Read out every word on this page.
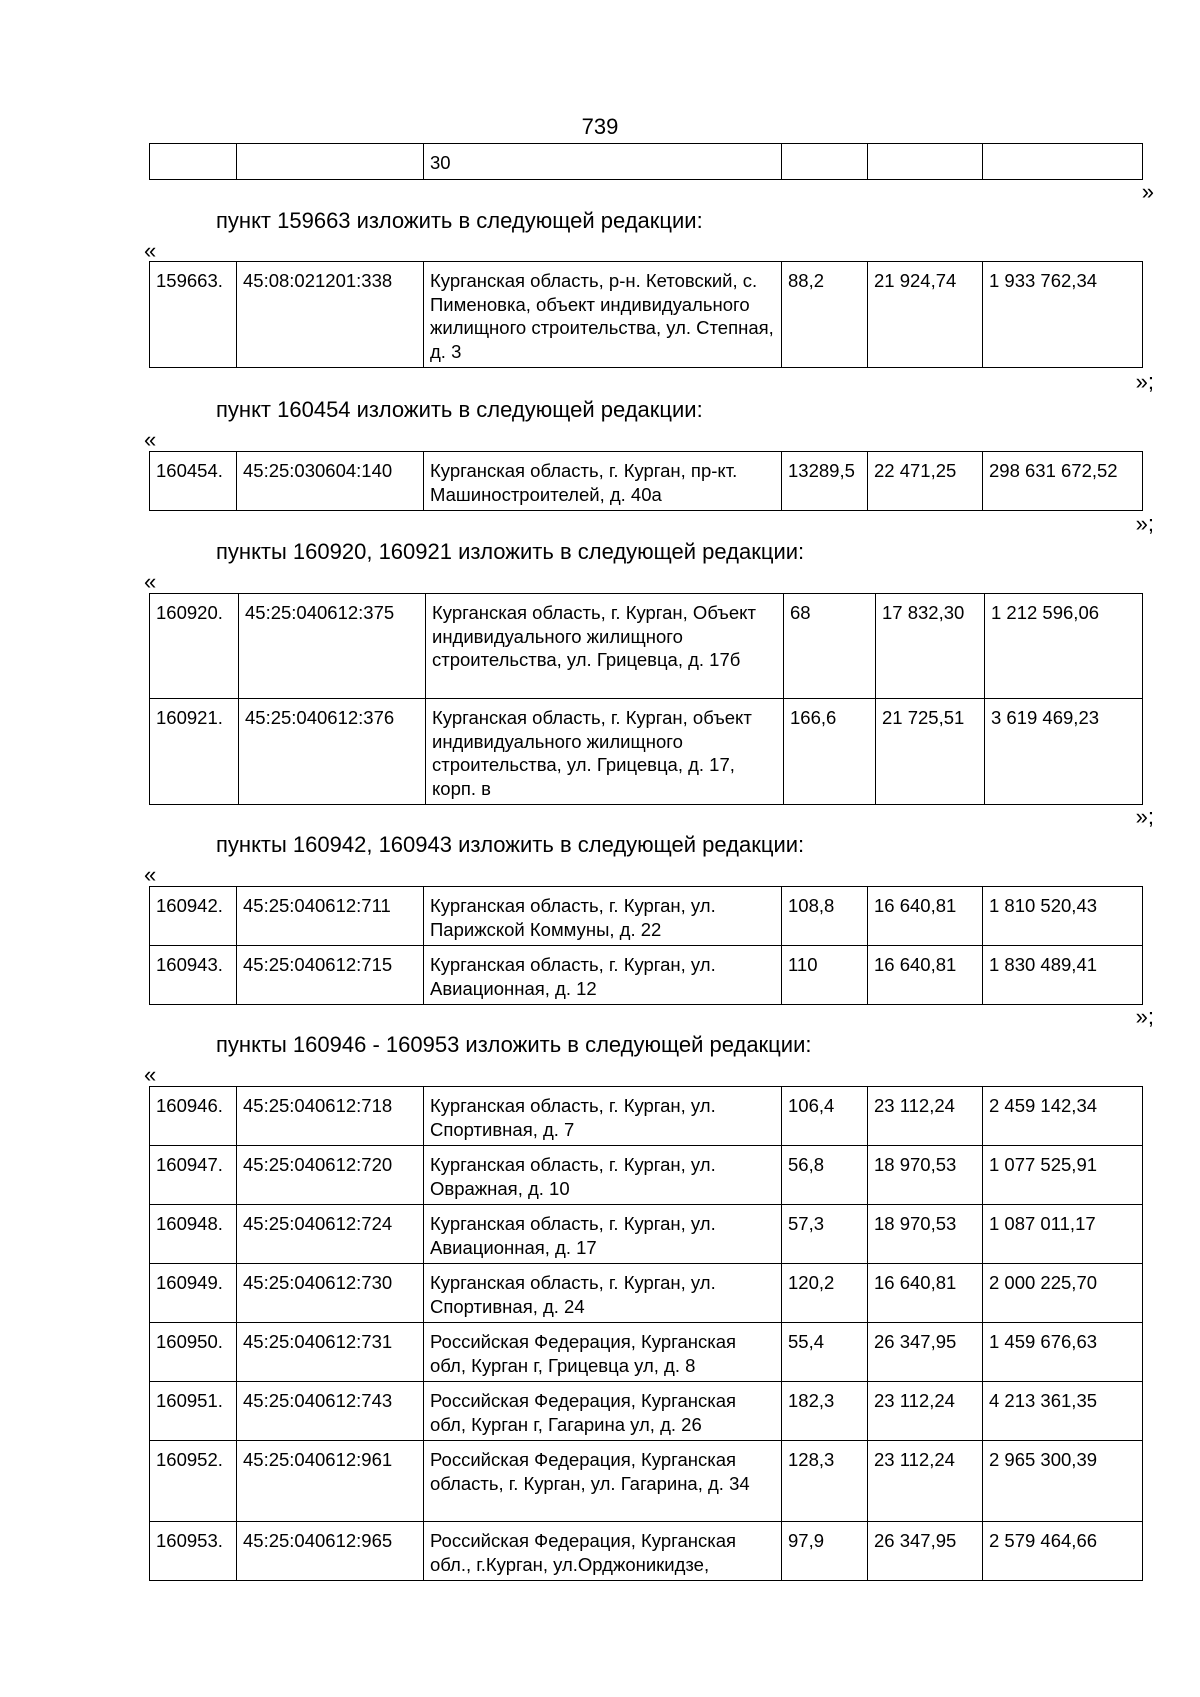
739
		30			
»
пункт 159663 изложить в следующей редакции:
«
159663.	45:08:021201:338	Курганская область, р-н. Кетовский, с. Пименовка, объект индивидуального жилищного строительства, ул. Степная, д. 3	88,2	21 924,74	1 933 762,34
»;
пункт 160454 изложить в следующей редакции:
«
160454.	45:25:030604:140	Курганская область, г. Курган, пр-кт. Машиностроителей, д. 40а	13289,5	22 471,25	298 631 672,52
»;
пункты 160920, 160921 изложить в следующей редакции:
«
160920.	45:25:040612:375	Курганская область, г. Курган, Объект индивидуального жилищного строительства, ул. Грицевца, д. 17б	68	17 832,30	1 212 596,06
160921.	45:25:040612:376	Курганская область, г. Курган, объект индивидуального жилищного строительства, ул. Грицевца, д. 17, корп. в	166,6	21 725,51	3 619 469,23
»;
пункты 160942, 160943 изложить в следующей редакции:
«
160942.	45:25:040612:711	Курганская область, г. Курган, ул. Парижской Коммуны, д. 22	108,8	16 640,81	1 810 520,43
160943.	45:25:040612:715	Курганская область, г. Курган, ул. Авиационная, д. 12	110	16 640,81	1 830 489,41
»;
пункты 160946 - 160953 изложить в следующей редакции:
«
160946.	45:25:040612:718	Курганская область, г. Курган, ул. Спортивная, д. 7	106,4	23 112,24	2 459 142,34
160947.	45:25:040612:720	Курганская область, г. Курган, ул. Овражная, д. 10	56,8	18 970,53	1 077 525,91
160948.	45:25:040612:724	Курганская область, г. Курган, ул. Авиационная, д. 17	57,3	18 970,53	1 087 011,17
160949.	45:25:040612:730	Курганская область, г. Курган, ул. Спортивная, д. 24	120,2	16 640,81	2 000 225,70
160950.	45:25:040612:731	Российская Федерация, Курганская обл, Курган г, Грицевца ул, д. 8	55,4	26 347,95	1 459 676,63
160951.	45:25:040612:743	Российская Федерация, Курганская обл, Курган г, Гагарина ул, д. 26	182,3	23 112,24	4 213 361,35
160952.	45:25:040612:961	Российская Федерация, Курганская область, г. Курган, ул. Гагарина, д. 34	128,3	23 112,24	2 965 300,39
160953.	45:25:040612:965	Российская Федерация, Курганская обл., г.Курган, ул.Орджоникидзе,	97,9	26 347,95	2 579 464,66
